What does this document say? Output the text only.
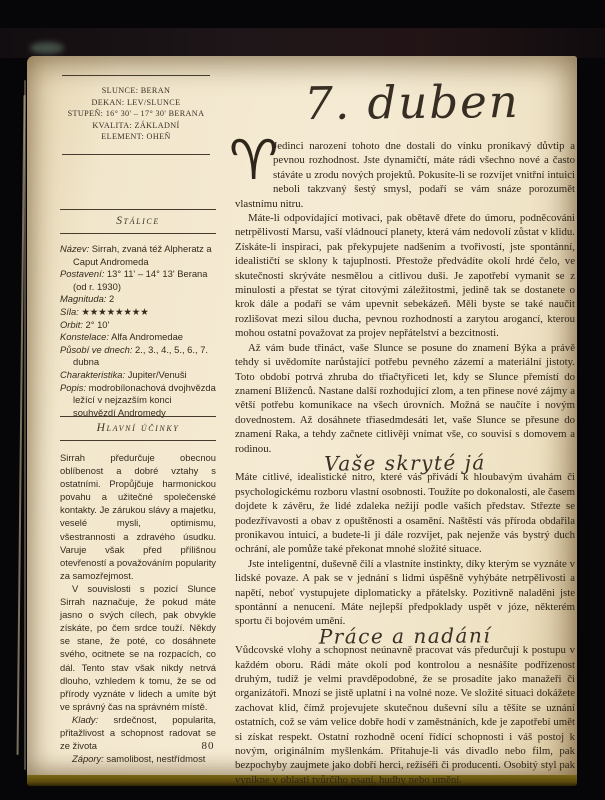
SLUNCE: BERAN
DEKAN: LEV/SLUNCE
STUPEŇ: 16° 30' – 17° 30' BERANA
KVALITA: ZÁKLADNÍ
ELEMENT: OHEŇ
7. duben

♈
Jedinci narození tohoto dne dostali do vínku pronikavý důvtip a pevnou rozhodnost. Jste dynamičtí, máte rádi všechno nové a často stáváte u zrodu nových projektů. Pokusíte-li se rozvíjet vnitřní intuici neboli takzvaný šestý smysl, podaří se vám snáze porozumět vlastnímu nitru.

Máte-li odpovídající motivaci, pak obětavě dřete do úmoru, podněcováni netrpělivostí Marsu, vaší vládnoucí planety, která vám nedovolí zůstat v klidu. Získáte-li inspiraci, pak překypujete nadšením a tvořivostí, jste spontánní, idealističtí se sklony k tajuplnosti. Přestože předvádíte okolí hrdé čelo, ve skutečnosti skrýváte nesmělou a citlivou duši. Je zapotřebí vymanit se z minulosti a přestat se týrat citovými záležitostmi, jedině tak se dostanete o krok dále a podaří se vám upevnit sebekázeň. Měli byste se také naučit rozlišovat mezi silou ducha, pevnou rozhodností a zarytou arogancí, kterou mohou ostatní považovat za projev nepřátelství a bezcitnosti.

Až vám bude třináct, vaše Slunce se posune do znamení Býka a právě tehdy si uvědomíte narůstající potřebu pevného zázemí a materiální jistoty. Toto období potrvá zhruba do třiačtyřiceti let, kdy se Slunce přemístí do znamení Blíženců. Nastane další rozhodující zlom, a ten přinese nové zájmy a větší potřebu komunikace na všech úrovních. Možná se naučíte i novým dovednostem. Až dosáhnete třiasedmdesáti let, vaše Slunce se přesune do znamení Raka, a tehdy začnete citlivěji vnímat vše, co souvisí s domovem a rodinou.

Vaše skryté já

Máte citlivé, idealistické nitro, které vás přivádí k hloubavým úvahám či psychologickému rozboru vlastní osobnosti. Toužíte po dokonalosti, ale časem dojdete k závěru, že lidé zdaleka nežijí podle vašich představ. Střezte se podezřívavosti a obav z opuštěnosti a osamění. Naštěstí vás příroda obdařila pronikavou intuicí, a budete-li ji dále rozvíjet, pak nejenže vás bystrý duch ochrání, ale pomůže také překonat mnohé složité situace.

Jste inteligentní, duševně čilí a vlastníte instinkty, díky kterým se vyznáte v lidské povaze. A pak se v jednání s lidmi úspěšně vyhýbáte netrpělivosti a napětí, neboť vystupujete diplomaticky a přátelsky. Pozitivně naladěni jste spontánní a nenucení. Máte nejlepší předpoklady uspět v józe, některém sportu či bojovém umění.

Práce a nadání

Vůdcovské vlohy a schopnost neúnavně pracovat vás předurčují k postupu v každém oboru. Rádi máte okolí pod kontrolou a nesnášíte podřízenost druhým, tudíž je velmi pravděpodobné, že se prosadíte jako manažeři či organizátoři. Mnozí se jistě uplatní i na volné noze. Ve složité situaci dokážete zachovat klid, čímž projevujete skutečnou duševní sílu a těšíte se uznání ostatních, což se vám velice dobře hodí v zaměstnáních, kde je zapotřebí umět si získat respekt. Ostatní rozhodně ocení řídící schopnosti i váš postoj k novým, originálním myšlenkám. Přitahuje-li vás divadlo nebo film, pak bezpochyby zaujmete jako dobří herci, režiséři či producenti. Osobitý styl pak vynikne v oblasti tvůrčího psaní, hudby nebo umění.

Stálice

Název: Sirrah, zvaná též Alpheratz a Caput Andromeda

Postavení: 13° 11' – 14° 13' Berana (od r. 1930)

Magnituda: 2

Síla: ★★★★★★★★

Orbit: 2° 10'

Konstelace: Alfa Andromedae

Působí ve dnech: 2., 3., 4., 5., 6., 7. dubna

Charakteristika: Jupiter/Venuši

Popis: modrobílonachová dvojhvězda ležící v nejzazším konci souhvězdí Andromedy

Hlavní účinky

Sirrah předurčuje obecnou oblíbenost a dobré vztahy s ostatními. Propůjčuje harmonickou povahu a užitečné společenské kontakty. Je zárukou slávy a majetku, veselé mysli, optimismu, všestrannosti a zdravého úsudku. Varuje však před přílišnou otevřeností a považováním popularity za samozřejmost.

V souvislosti s pozicí Slunce Sirrah naznačuje, že pokud máte jasno o svých cílech, pak obvykle získáte, po čem srdce touží. Někdy se stane, že poté, co dosáhnete svého, ocitnete se na rozpacích, co dál. Tento stav však nikdy netrvá dlouho, vzhledem k tomu, že se od přírody vyznáte v lidech a umíte být ve správný čas na správném místě.

Klady: srdečnost, popularita, přitažlivost a schopnost radovat se ze života

Zápory: samolibost, nestřídmost

80
